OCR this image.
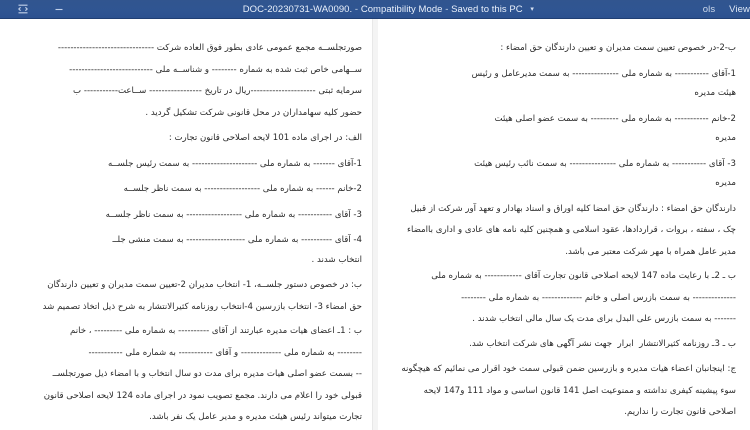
ols View
DOC-20230731-WA0090. - Compatibility Mode - Saved to this PC ▾

ب-2-در خصوص تعیین سمت مدیران و تعیین دارندگان حق امضاء :

1-آقای ----------- به شماره ملی --------------- به سمت مدیرعامل و رئیس

هیئت مدیره

2-خانم ----------- به شماره ملی --------- به سمت عضو اصلی هیئت

مدیره

3- آقای ----------- به شماره ملی --------------- به سمت نائب رئیس هیئت

مدیره

دارندگان حق امضاء : دارندگان حق امضا کلیه اوراق و اسناد بهادار و تعهد آور شرکت از قبیل

چک ، سفته ، بروات ، قراردادها، عقود اسلامی و همچنین کلیه نامه های عادی و اداری باامضاء

مدیر عامل همراه با مهر شرکت معتبر می باشد.

ب ـ 2ـ با رعایت ماده 147 لایحه اصلاحی قانون تجارت آقای ------------ به شماره ملی

-------------- به سمت بازرس اصلی و خانم ------------- به شماره ملی --------

------- به سمت بازرس علی البدل برای مدت یک سال مالی انتخاب شدند .

ب ـ 3ـ روزنامه کثیرالانتشار  ابرار  جهت نشر آگهی های شرکت انتخاب شد.

ج: اینجانبان اعضاء هیات مدیره و بازرسین ضمن قبولی سمت خود اقرار می نمائیم که هیچگونه

سوء پیشینه کیفری نداشته و ممنوعیت اصل 141 قانون اساسی و مواد 111 و147 لایحه

اصلاحی قانون تجارت را نداریم.

صورتجلســه مجمع عمومی عادی بطور فوق العاده شرکت -------------------------------

ســهامی خاص ثبت شده به شماره -------- و شناســه ملی ---------------------------

سرمایه ثبتی ---------------------ریال در تاریخ ----------------- ســاعت----------- ب

حضور کلیه سهامداران در محل قانونی شرکت تشکیل گردید .

الف: در اجرای ماده 101 لایحه اصلاحی قانون تجارت :

1-آقای ------- به شماره ملی --------------------- به سمت رئیس جلســه

2-خانم ------ به شماره ملی ------------------ به سمت ناظر جلســه

3- آقای ----------- به شماره ملی ------------------ به سمت ناظر جلســه

4- آقای ---------- به شماره ملی ------------------- به سمت منشی جلــ

انتخاب شدند .

ب: در خصوص دستور جلســه، 1- انتخاب مدیران 2-تعیین سمت مدیران و تعیین دارندگان

حق امضاء 3- انتخاب بازرسین 4-انتخاب روزنامه کثیرالانتشار به شرح ذیل اتخاذ تصمیم شد

ب : 1ـ اعضای هیات مدیره عبارتند از آقای ---------- به شماره ملی --------- ، خانم

-------- به شماره ملی ------------- و آقای ----------- به شماره ملی -----------

-- بسمت عضو اصلی هیات مدیره برای مدت دو سال انتخاب و با امضاء ذیل صورتجلســ

قبولی خود را اعلام می دارند. مجمع تصویب نمود در اجرای ماده 124 لایحه اصلاحی قانون

تجارت میتواند رئیس هیئت مدیره و مدیر عامل یک نفر باشد.
